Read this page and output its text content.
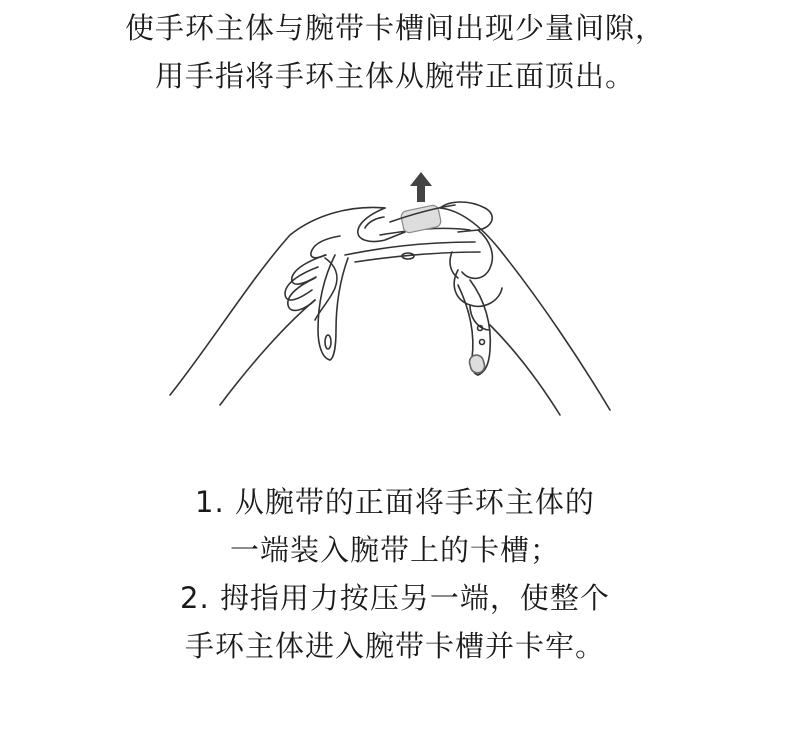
使手环主体与腕带卡槽间出现少量间隙，
用手指将手环主体从腕带正面顶出。
1. 从腕带的正面将手环主体的
一端装入腕带上的卡槽；
2. 拇指用力按压另一端，使整个
手环主体进入腕带卡槽并卡牢。
